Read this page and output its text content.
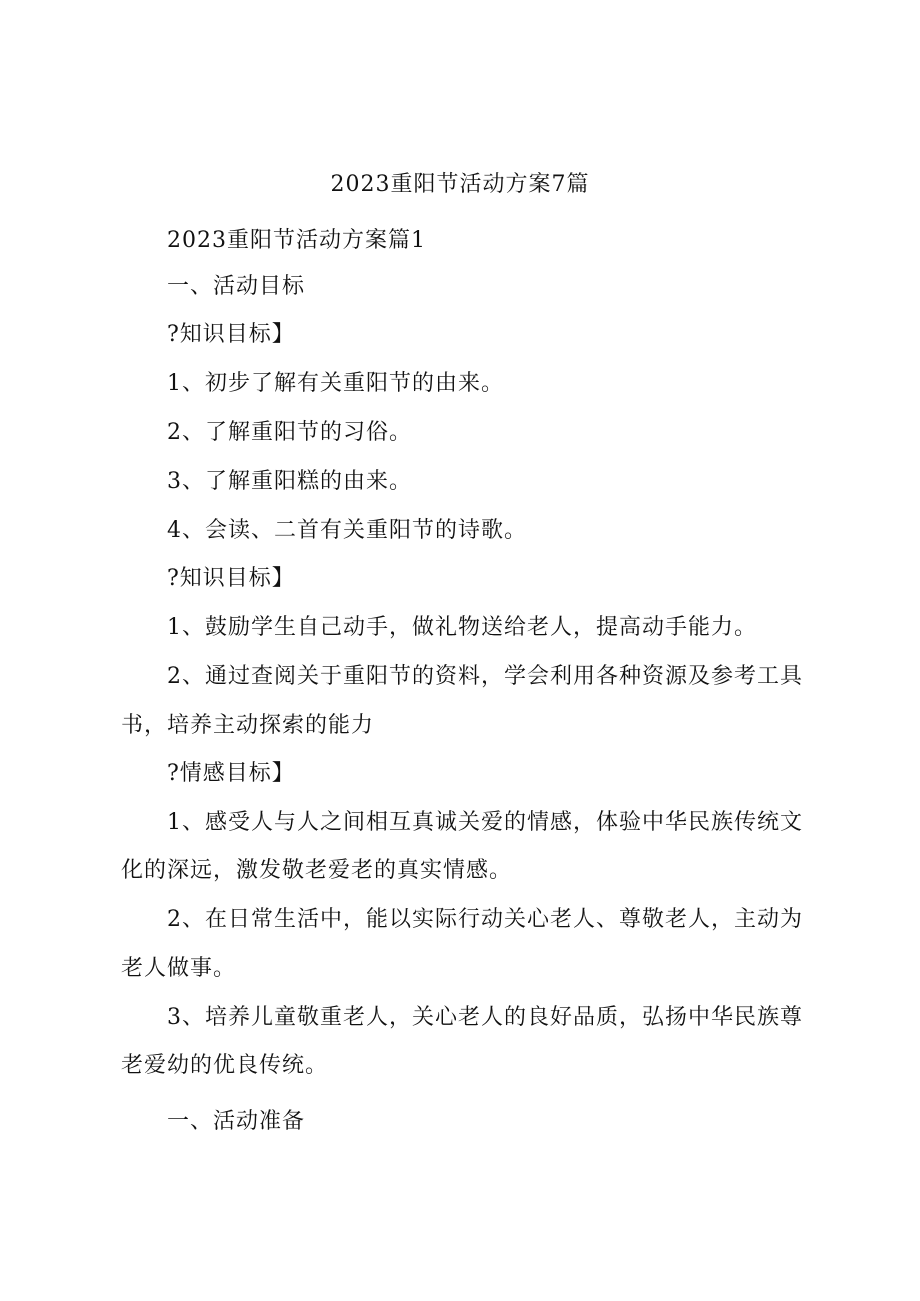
2023重阳节活动方案7篇
2023重阳节活动方案篇1
一、活动目标
?知识目标】
1、初步了解有关重阳节的由来。
2、了解重阳节的习俗。
3、了解重阳糕的由来。
4、会读、二首有关重阳节的诗歌。
?知识目标】
1、鼓励学生自己动手，做礼物送给老人，提高动手能力。
2、通过查阅关于重阳节的资料，学会利用各种资源及参考工具
书，培养主动探索的能力
?情感目标】
1、感受人与人之间相互真诚关爱的情感，体验中华民族传统文
化的深远，激发敬老爱老的真实情感。
2、在日常生活中，能以实际行动关心老人、尊敬老人，主动为
老人做事。
3、培养儿童敬重老人，关心老人的良好品质，弘扬中华民族尊
老爱幼的优良传统。
一、活动准备
